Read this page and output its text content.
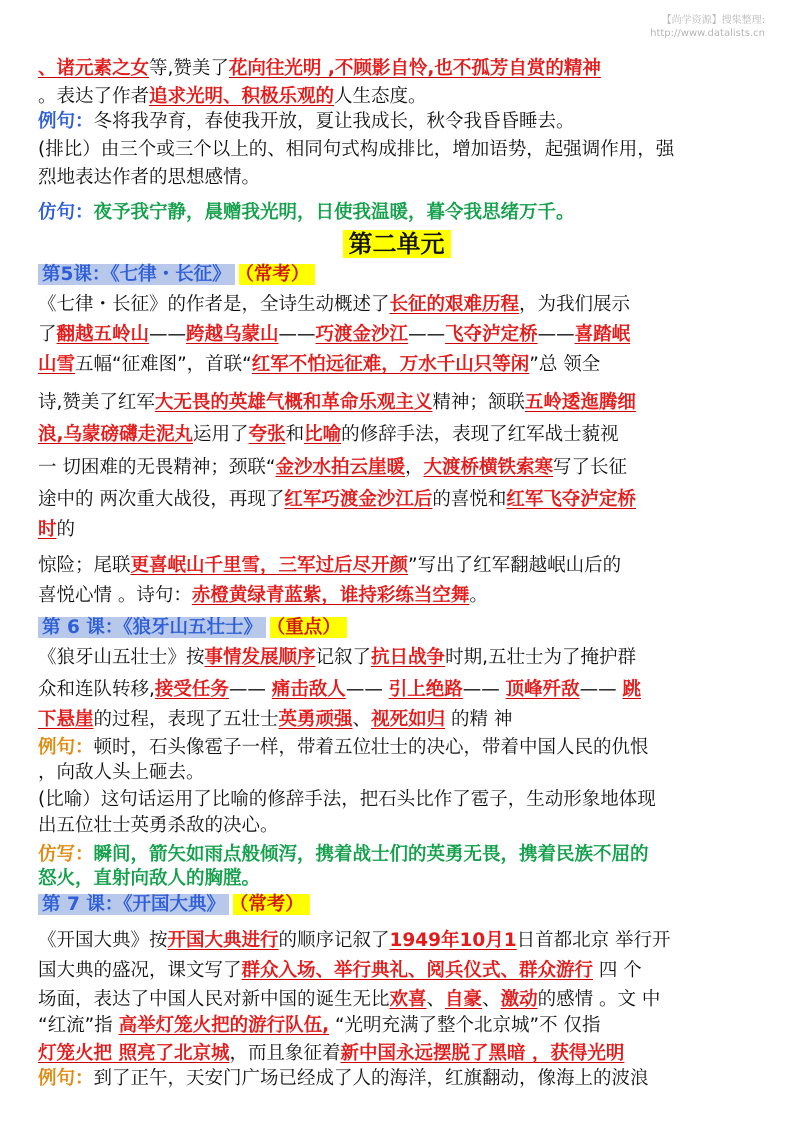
【尚学资源】搜集整理:
http://www.datalists.cn
第二单元
第5课：《七律・长征》 （常考）
第 6 课：《狼牙山五壮士》 （重点）
第 7 课：《开国大典》 （常考）
、诸元素之女等,赞美了花向往光明 ,不顾影自怜,也不孤芳自赏的精神
。表达了作者追求光明、积极乐观的人生态度。
例句：冬将我孕育，春使我开放，夏让我成长，秋令我昏昏睡去。
(排比）由三个或三个以上的、相同句式构成排比，增加语势，起强调作用，强
烈地表达作者的思想感情。
仿句：夜予我宁静，晨赠我光明，日使我温暖，暮令我思绪万千。
《七律・长征》的作者是，全诗生动概述了长征的艰难历程，为我们展示
了翻越五岭山——跨越乌蒙山——巧渡金沙江——飞夺泸定桥——喜踏岷
山雪五幅“征难图”，首联“红军不怕远征难，万水千山只等闲”总 领全
诗,赞美了红军大无畏的英雄气概和革命乐观主义精神；颔联五岭逶迤腾细
浪,乌蒙磅礴走泥丸运用了夸张和比喻的修辞手法，表现了红军战士藐视
一 切困难的无畏精神；颈联“金沙水拍云崖暖，大渡桥横铁索寒写了长征
途中的 两次重大战役，再现了红军巧渡金沙江后的喜悦和红军飞夺泸定桥
时的
惊险；尾联更喜岷山千里雪，三军过后尽开颜”写出了红军翻越岷山后的
喜悦心情 。诗句：赤橙黄绿青蓝紫，谁持彩练当空舞。
《狼牙山五壮士》按事情发展顺序记叙了抗日战争时期,五壮士为了掩护群
众和连队转移,接受任务—— 痛击敌人—— 引上绝路—— 顶峰歼敌—— 跳
下悬崖的过程，表现了五壮士英勇顽强、视死如归 的精 神
例句：顿时，石头像雹子一样，带着五位壮士的决心，带着中国人民的仇恨
，向敌人头上砸去。
(比喻）这句话运用了比喻的修辞手法，把石头比作了雹子，生动形象地体现
出五位壮士英勇杀敌的决心。
仿写：瞬间，箭矢如雨点般倾泻，携着战士们的英勇无畏，携着民族不屈的
怒火，直射向敌人的胸膛。
《开国大典》按开国大典进行的顺序记叙了1949年10月1日首都北京 举行开
国大典的盛况，课文写了群众入场、举行典礼、阅兵仪式、群众游行 四 个
场面，表达了中国人民对新中国的诞生无比欢喜、自豪、激动的感情 。文 中
“红流”指 高举灯笼火把的游行队伍, “光明充满了整个北京城”不 仅指
灯笼火把 照亮了北京城，而且象征着新中国永远摆脱了黑暗 ，获得光明
例句：到了正午，天安门广场已经成了人的海洋，红旗翻动，像海上的波浪
